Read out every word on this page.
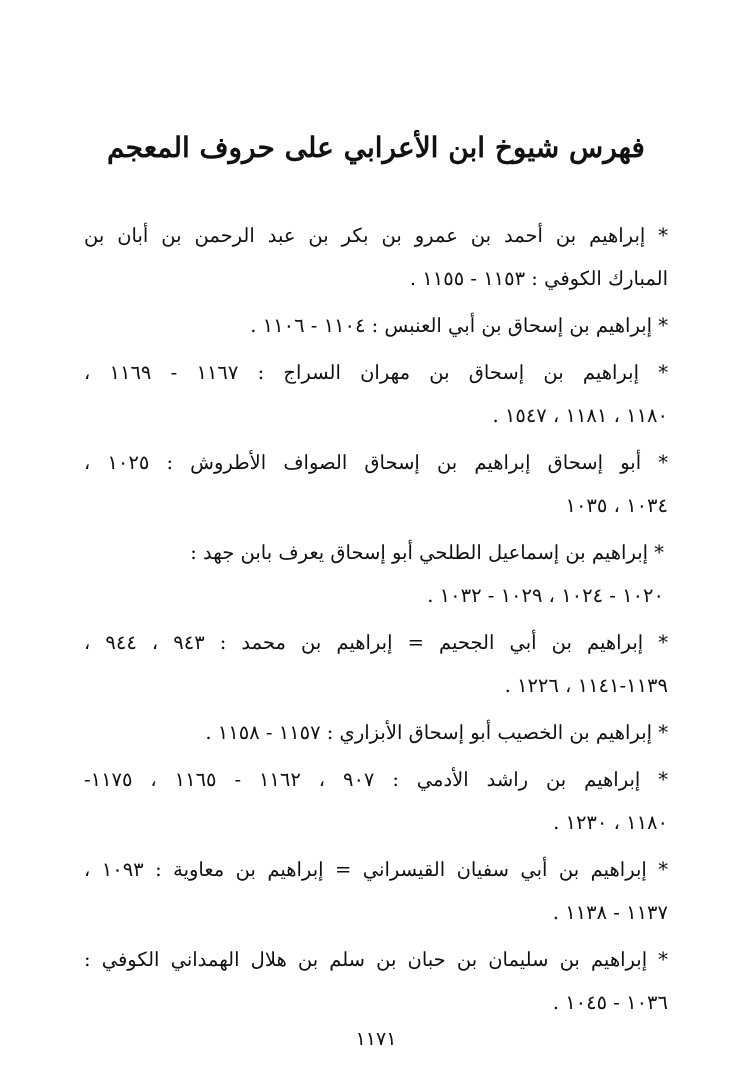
فهرس شيوخ ابن الأعرابي على حروف المعجم
* إبراهيم بن أحمد بن عمرو بن بكر بن عبد الرحمن بن أبان بن
المبارك الكوفي : ١١٥٣ - ١١٥٥ .
* إبراهيم بن إسحاق بن أبي العنبس : ١١٠٤ - ١١٠٦ .
* إبراهيم بن إسحاق بن مهران السراج : ١١٦٧ - ١١٦٩ ،
١١٨٠ ، ١١٨١ ، ١٥٤٧ .
* أبو إسحاق إبراهيم بن إسحاق الصواف الأطروش : ١٠٢٥ ،
١٠٣٤ ، ١٠٣٥
* إبراهيم بن إسماعيل الطلحي أبو إسحاق يعرف بابن جهد :
١٠٢٠ - ١٠٢٤ ، ١٠٢٩ - ١٠٣٢ .
* إبراهيم بن أبي الجحيم = إبراهيم بن محمد : ٩٤٣ ، ٩٤٤ ،
١١٣٩-١١٤١ ، ١٢٢٦ .
* إبراهيم بن الخصيب أبو إسحاق الأبزاري : ١١٥٧ - ١١٥٨ .
* إبراهيم بن راشد الأدمي : ٩٠٧ ، ١١٦٢ - ١١٦٥ ، ١١٧٥-
١١٨٠ ، ١٢٣٠ .
* إبراهيم بن أبي سفيان القيسراني = إبراهيم بن معاوية : ١٠٩٣ ،
١١٣٧ - ١١٣٨ .
* إبراهيم بن سليمان بن حبان بن سلم بن هلال الهمداني الكوفي :
١٠٣٦ - ١٠٤٥ .
١١٧١
